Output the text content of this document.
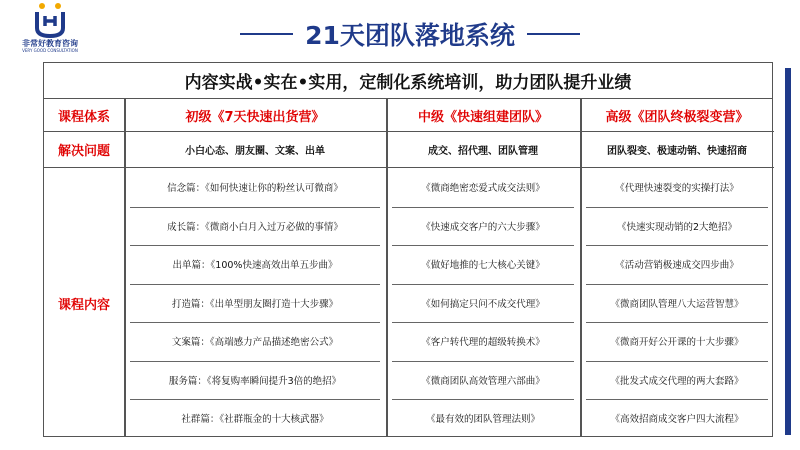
非常好教育咨询
VERY GOOD CONSULTATION
21天团队落地系统
内容实战•实在•实用，定制化系统培训，助力团队提升业绩
课程体系	初级《7天快速出货营》	中级《快速组建团队》	高级《团队终极裂变营》
解决问题	小白心态、朋友圈、文案、出单	成交、招代理、团队管理	团队裂变、极速动销、快速招商
课程内容
信念篇：《如何快速让你的粉丝认可微商》	《微商绝密恋爱式成交法则》	《代理快速裂变的实操打法》
成长篇：《微商小白月入过万必做的事情》	《快速成交客户的六大步骤》	《快速实现动销的2大绝招》
出单篇：《100%快速高效出单五步曲》	《做好地推的七大核心关键》	《活动营销极速成交四步曲》
打造篇：《出单型朋友圈打造十大步骤》	《如何搞定只问不成交代理》	《微商团队管理八大运营智慧》
文案篇：《高端感力产品描述绝密公式》	《客户转代理的超级转换术》	《微商开好公开课的十大步骤》
服务篇：《将复购率瞬间提升3倍的绝招》	《微商团队高效管理六部曲》	《批发式成交代理的两大套路》
社群篇：《社群瓶金的十大核武器》	《最有效的团队管理法则》	《高效招商成交客户四大流程》
